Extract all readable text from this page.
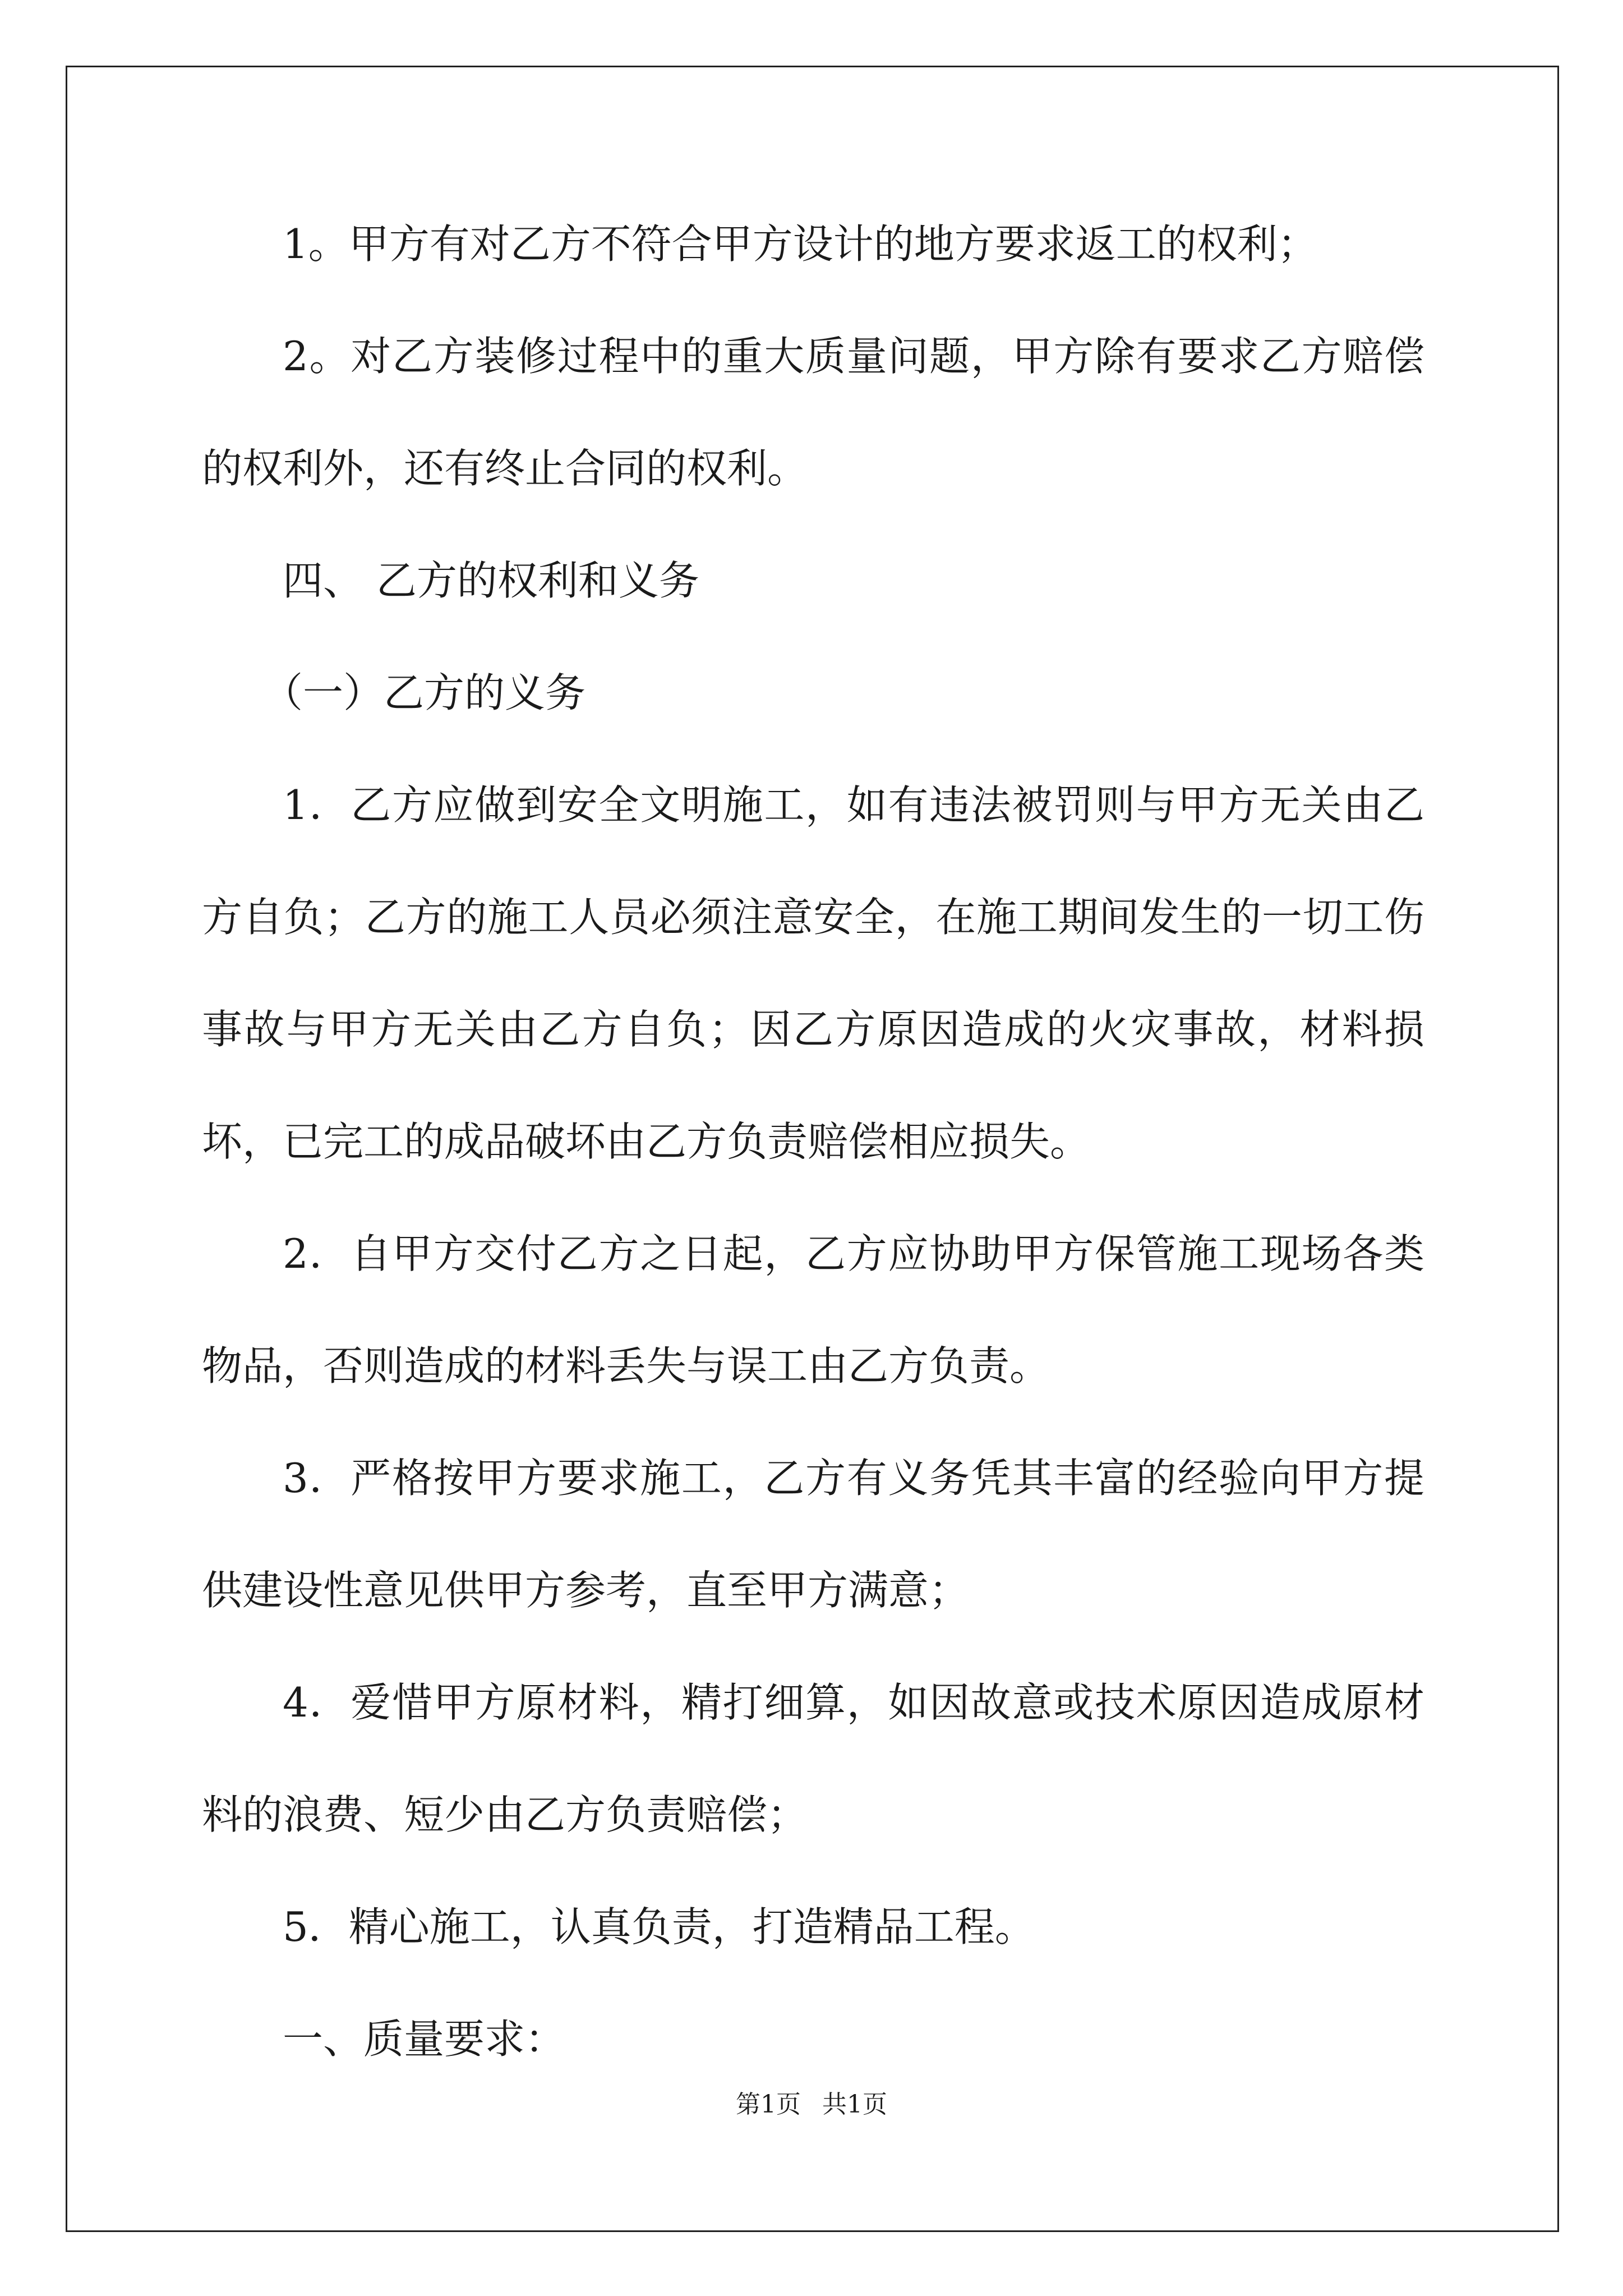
1。甲方有对乙方不符合甲方设计的地方要求返工的权利；

2。对乙方装修过程中的重大质量问题，甲方除有要求乙方赔偿的权利外，还有终止合同的权利。

四、 乙方的权利和义务

（一）乙方的义务

1．乙方应做到安全文明施工，如有违法被罚则与甲方无关由乙方自负；乙方的施工人员必须注意安全，在施工期间发生的一切工伤事故与甲方无关由乙方自负；因乙方原因造成的火灾事故，材料损坏，已完工的成品破坏由乙方负责赔偿相应损失。

2．自甲方交付乙方之日起，乙方应协助甲方保管施工现场各类物品，否则造成的材料丢失与误工由乙方负责。

3．严格按甲方要求施工，乙方有义务凭其丰富的经验向甲方提供建设性意见供甲方参考，直至甲方满意；

4．爱惜甲方原材料，精打细算，如因故意或技术原因造成原材料的浪费、短少由乙方负责赔偿；

5．精心施工，认真负责，打造精品工程。

一、质量要求：

第1页 共1页
